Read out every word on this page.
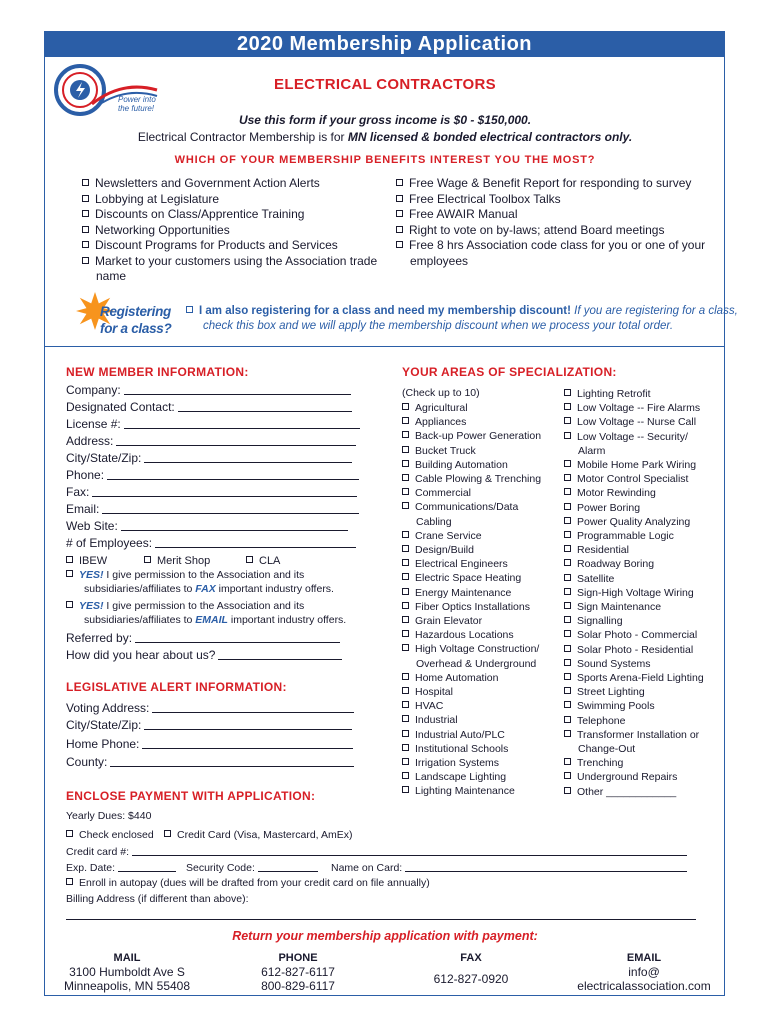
2020 Membership Application
Power into
the future!
ELECTRICAL CONTRACTORS
Use this form if your gross income is $0 - $150,000.
Electrical Contractor Membership is for MN licensed & bonded electrical contractors only.
WHICH OF YOUR MEMBERSHIP BENEFITS INTEREST YOU THE MOST?
Newsletters and Government Action Alerts
Lobbying at Legislature
Discounts on Class/Apprentice Training
Networking Opportunities
Discount Programs for Products and Services
Market to your customers using the Association trade
name
Free Wage & Benefit Report for responding to survey
Free Electrical Toolbox Talks
Free AWAIR Manual
Right to vote on by-laws; attend Board meetings
Free 8 hrs Association code class for you or one of your
employees
Registering
for a class?
I am also registering for a class and need my membership discount! If you are registering for a class,
check this box and we will apply the membership discount when we process your total order.
NEW MEMBER INFORMATION:
Company:
Designated Contact:
License #:
Address:
City/State/Zip:
Phone:
Fax:
Email:
Web Site:
# of Employees:
IBEW	Merit Shop	CLA
YES! I give permission to the Association and its
subsidiaries/affiliates to FAX important industry offers.
YES! I give permission to the Association and its
subsidiaries/affiliates to EMAIL important industry offers.
Referred by:
How did you hear about us?
LEGISLATIVE ALERT INFORMATION:
Voting Address:
City/State/Zip:
Home Phone:
County:
ENCLOSE PAYMENT WITH APPLICATION:
YOUR AREAS OF SPECIALIZATION:
(Check up to 10)
Agricultural
Appliances
Back-up Power Generation
Bucket Truck
Building Automation
Cable Plowing & Trenching
Commercial
Communications/Data
Cabling
Crane Service
Design/Build
Electrical Engineers
Electric Space Heating
Energy Maintenance
Fiber Optics Installations
Grain Elevator
Hazardous Locations
High Voltage Construction/
Overhead & Underground
Home Automation
Hospital
HVAC
Industrial
Industrial Auto/PLC
Institutional Schools
Irrigation Systems
Landscape Lighting
Lighting Maintenance
Lighting Retrofit
Low Voltage -- Fire Alarms
Low Voltage -- Nurse Call
Low Voltage -- Security/
Alarm
Mobile Home Park Wiring
Motor Control Specialist
Motor Rewinding
Power Boring
Power Quality Analyzing
Programmable Logic
Residential
Roadway Boring
Satellite
Sign-High Voltage Wiring
Sign Maintenance
Signalling
Solar Photo - Commercial
Solar Photo - Residential
Sound Systems
Sports Arena-Field Lighting
Street Lighting
Swimming Pools
Telephone
Transformer Installation or
Change-Out
Trenching
Underground Repairs
Other ____________
Yearly Dues: $440
Check enclosed	Credit Card (Visa, Mastercard, AmEx)
Credit card #:
Exp. Date:	Security Code:	Name on Card:
Enroll in autopay (dues will be drafted from your credit card on file annually)
Billing Address (if different than above):
Return your membership application with payment:
MAIL
3100 Humboldt Ave S
Minneapolis, MN 55408
PHONE
612-827-6117
800-829-6117
FAX
612-827-0920
EMAIL
info@
electricalassociation.com
